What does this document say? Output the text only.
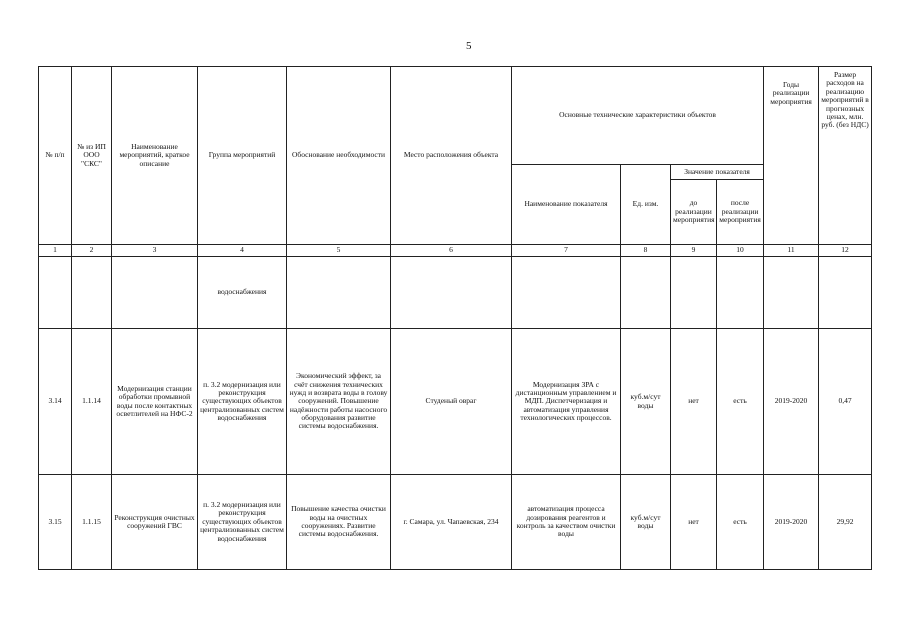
5
№ п/п	№ из ИП ООО "СКС"	Наименование мероприятий, краткое описание	Группа мероприятий	Обоснование необходимости	Место расположения объекта	Основные технические характеристики объектов				Годы реализации мероприятия	Размер расходов на реализацию мероприятий в прогнозных ценах, млн. руб. (без НДС)
						Наименование показателя	Ед. изм.	Значение показателя			
								до реализации мероприятия	после реализации мероприятия		
1	2	3	4	5	6	7	8	9	10	11	12
			водоснабжения								
3.14	1.1.14	Модернизация станции обработки промывной воды после контактных осветлителей на НФС-2	п. 3.2 модернизация или реконструкция существующих объектов централизованных систем водоснабжения	Экономический эффект, за счёт снижения технических нужд и возврата воды в голову сооружений. Повышение надёжности работы насосного оборудования развитие системы водоснабжения.	Студеный овраг	Модернизация ЗРА с дистанционным управлением и МДП. Диспетчеризация и автоматизация управления технологических процессов.	куб.м/сут воды	нет	есть	2019-2020	0,47
3.15	1.1.15	Реконструкция очистных сооружений ГВС	п. 3.2 модернизация или реконструкция существующих объектов централизованных систем водоснабжения	Повышение качества очистки воды на очистных сооружениях. Развитие системы водоснабжения.	г. Самара, ул. Чапаевская, 234	автоматизация процесса дозирования реагентов и контроль за качеством очистки воды	куб.м/сут воды	нет	есть	2019-2020	29,92
